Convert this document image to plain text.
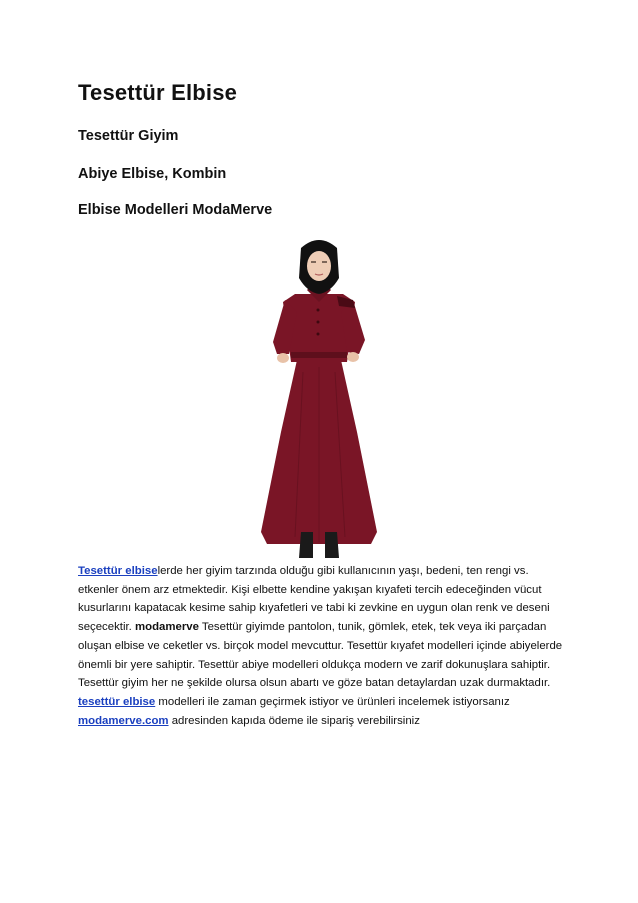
Tesettür Elbise
Tesettür Giyim
Abiye Elbise, Kombin
Elbise Modelleri ModaMerve

Tesettür elbiselerde her giyim tarzında olduğu gibi kullanıcının yaşı, bedeni, ten rengi vs. etkenler önem arz etmektedir. Kişi elbette kendine yakışan kıyafeti tercih edeceğinden vücut kusurlarını kapatacak kesime sahip kıyafetleri ve tabi ki zevkine en uygun olan renk ve deseni seçecektir. modamerve Tesettür giyimde pantolon, tunik, gömlek, etek, tek veya iki parçadan oluşan elbise ve ceketler vs. birçok model mevcuttur. Tesettür kıyafet modelleri içinde abiyelerde önemli bir yere sahiptir. Tesettür abiye modelleri oldukça modern ve zarif dokunuşlara sahiptir. Tesettür giyim her ne şekilde olursa olsun abartı ve göze batan detaylardan uzak durmaktadır. tesettür elbise modelleri ile zaman geçirmek istiyor ve ürünleri incelemek istiyorsanız modamerve.com adresinden kapıda ödeme ile sipariş verebilirsiniz
